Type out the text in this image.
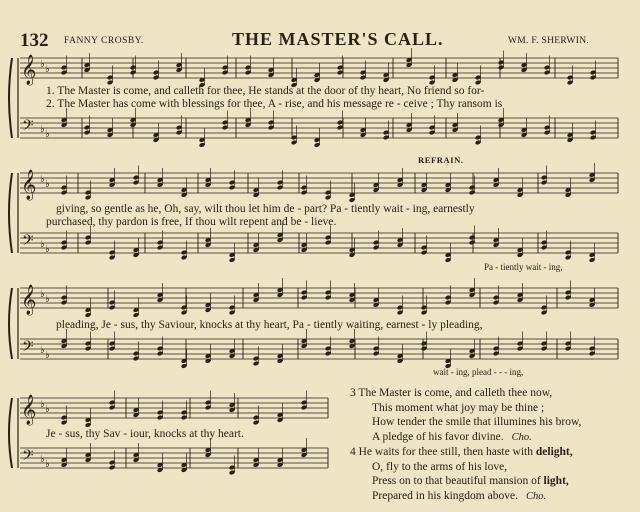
132 FANNY CROSBY.	THE MASTER'S CALL.	WM. F. SHERWIN.
𝄞
𝄢
♭ ♭
♭ ♭
𝄞
𝄢
♭ ♭
♭ ♭
𝄞
𝄢
♭ ♭
♭ ♭
𝄞
𝄢
♭ ♭
♭ ♭
1. The Master is come, and calleth for thee, He stands at the door of thy heart, No friend so for-
2. The Master has come with blessings for thee, A - rise, and his message re - ceive ; Thy ransom is
REFRAIN.
giving, so gentle as he, Oh, say, wilt thou let him de - part? Pa - tiently wait - ing, earnestly
purchased, thy pardon is free, If thou wilt repent and be - lieve.
Pa - tiently wait - ing,
pleading, Je - sus, thy Saviour, knocks at thy heart, Pa - tiently waiting, earnest - ly pleading,
wait - ing, plead - - - ing,
Je - sus, thy Sav - iour, knocks at thy heart.
3 The Master is come, and calleth thee now,
This moment what joy may be thine ;
How tender the smile that illumines his brow,
A pledge of his favor divine. Cho.
4 He waits for thee still, then haste with delight,
O, fly to the arms of his love,
Press on to that beautiful mansion of light,
Prepared in his kingdom above. Cho.
